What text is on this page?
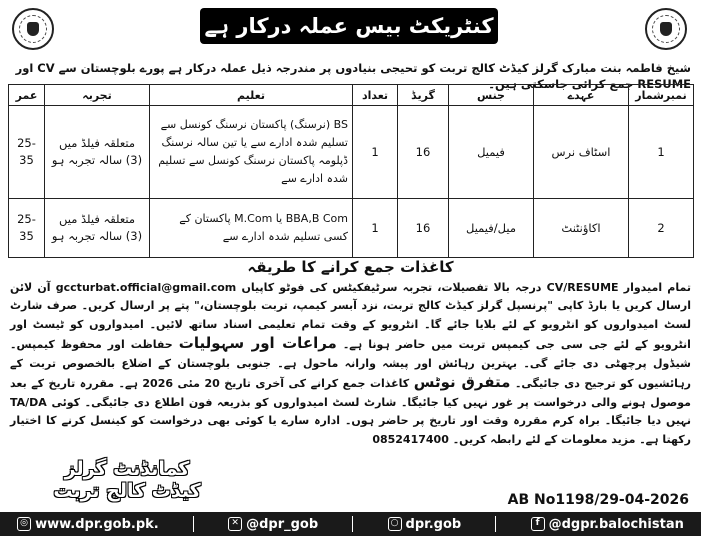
کنٹریکٹ بیس عملہ درکار ہے
شیخ فاطمہ بنت مبارک گرلز کیڈٹ کالج تربت کو تحیجی بنیادوں پر مندرجہ ذیل عملہ درکار ہے پورے بلوچستان سے CV اور RESUME جمع کرائی جاسکتی ہیں۔
نمبرشمار	عہدے	جنس	گریڈ	تعداد	تعلیم	تجربہ	عمر
1	اسٹاف نرس	فیمیل	16	1	BS (نرسنگ) پاکستان نرسنگ کونسل سے تسلیم شدہ ادارے سے یا تین سالہ نرسنگ ڈپلومہ پاکستان نرسنگ کونسل سے تسلیم شدہ ادارے سے	متعلقہ فیلڈ میں (3) سالہ تجربہ ہو	25-35
2	اکاؤنٹنٹ	میل/فیمیل	16	1	BBA,B Com یا M.Com پاکستان کے کسی تسلیم شدہ ادارے سے	متعلقہ فیلڈ میں (3) سالہ تجربہ ہو	25-35
کاغذات جمع کرانے کا طریقہ
تمام امیدوار CV/RESUME درجہ بالا تفصیلات، تجربہ سرٹیفکیٹس کی فوٹو کاپیاں gccturbat.official@gmail.com آن لائن ارسال کریں یا بارڈ کاپی "پرنسپل گرلز کیڈٹ کالج تربت، نزد آبسر کیمپ، تربت بلوچستان،" پتے پر ارسال کریں۔ صرف شارٹ لسٹ امیدواروں کو انٹرویو کے لئے بلایا جائے گا۔ انٹرویو کے وقت تمام تعلیمی اسناد ساتھ لائیں۔ امیدواروں کو ٹیسٹ اور انٹرویو کے لئے جی سی جی کیمپس تربت میں حاضر ہونا ہے۔ مراعات اور سہولیات حفاظت اور محفوظ کیمپس۔ شیڈول پرچھٹی دی جائے گی۔ بہترین رہائش اور پیشہ وارانہ ماحول ہے۔ جنوبی بلوچستان کے اضلاع بالخصوص تربت کے رہائشیوں کو ترجیح دی جائیگی۔ متفرق نوٹس کاغذات جمع کرانے کی آخری تاریخ 20 مئی 2026 ہے۔ مقررہ تاریخ کے بعد موصول ہونے والی درخواست پر غور نہیں کیا جائیگا۔ شارٹ لسٹ امیدواروں کو بذریعہ فون اطلاع دی جائیگی۔ کوئی TA/DA نہیں دیا جائیگا۔ براہ کرم مقررہ وقت اور تاریخ پر حاضر ہوں۔ ادارہ سارے یا کوئی بھی درخواست کو کینسل کرنے کا اختیار رکھتا ہے۔ مزید معلومات کے لئے رابطہ کریں۔ 0852417400
کمانڈنٹ گرلز
کیڈٹ کالج تربت	AB No1198/29-04-2026
◎ www.dpr.gob.pk.	✕ @dpr_gob	○ dpr.gob	f @dgpr.balochistan
